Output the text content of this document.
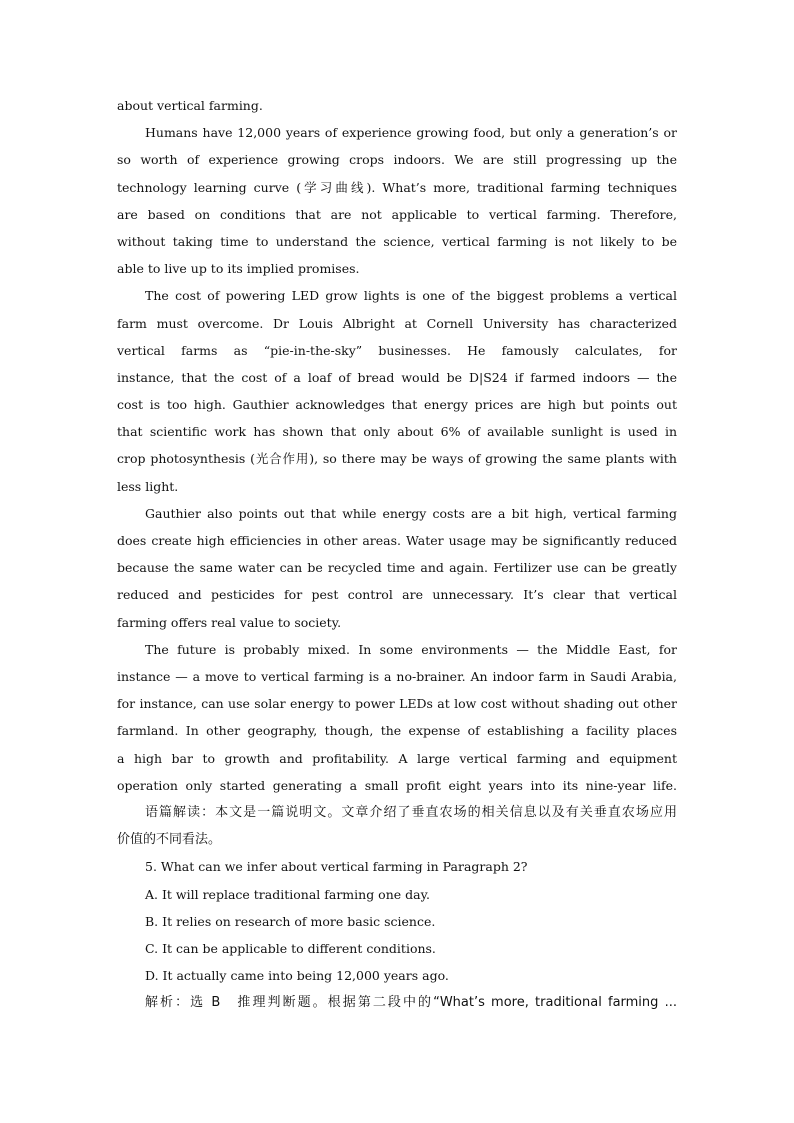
about vertical farming.
Humans have 12,000 years of experience growing food, but only a generation’s or
so worth of experience growing crops indoors. We are still progressing up the
technology learning curve (学习曲线). What’s more, traditional farming techniques
are based on conditions that are not applicable to vertical farming. Therefore,
without taking time to understand the science, vertical farming is not likely to be
able to live up to its implied promises.
The cost of powering LED grow lights is one of the biggest problems a vertical
farm must overcome. Dr Louis Albright at Cornell University has characterized
vertical farms as “pie-in-the-sky” businesses. He famously calculates, for
instance, that the cost of a loaf of bread would be D|S24 if farmed indoors — the
cost is too high. Gauthier acknowledges that energy prices are high but points out
that scientific work has shown that only about 6% of available sunlight is used in
crop photosynthesis (光合作用), so there may be ways of growing the same plants with
less light.
Gauthier also points out that while energy costs are a bit high, vertical farming
does create high efficiencies in other areas. Water usage may be significantly reduced
because the same water can be recycled time and again. Fertilizer use can be greatly
reduced and pesticides for pest control are unnecessary. It’s clear that vertical
farming offers real value to society.
The future is probably mixed. In some environments — the Middle East, for
instance — a move to vertical farming is a no-brainer. An indoor farm in Saudi Arabia,
for instance, can use solar energy to power LEDs at low cost without shading out other
farmland. In other geography, though, the expense of establishing a facility places
a high bar to growth and profitability. A large vertical farming and equipment
operation only started generating a small profit eight years into its nine-year life.
语篇解读：本文是一篇说明文。文章介绍了垂直农场的相关信息以及有关垂直农场应用
价值的不同看法。
5. What can we infer about vertical farming in Paragraph 2?
A. It will replace traditional farming one day.
B. It relies on research of more basic science.
C. It can be applicable to different conditions.
D. It actually came into being 12,000 years ago.
解析：选 B　推理判断题。根据第二段中的“What’s more, traditional farming ...
